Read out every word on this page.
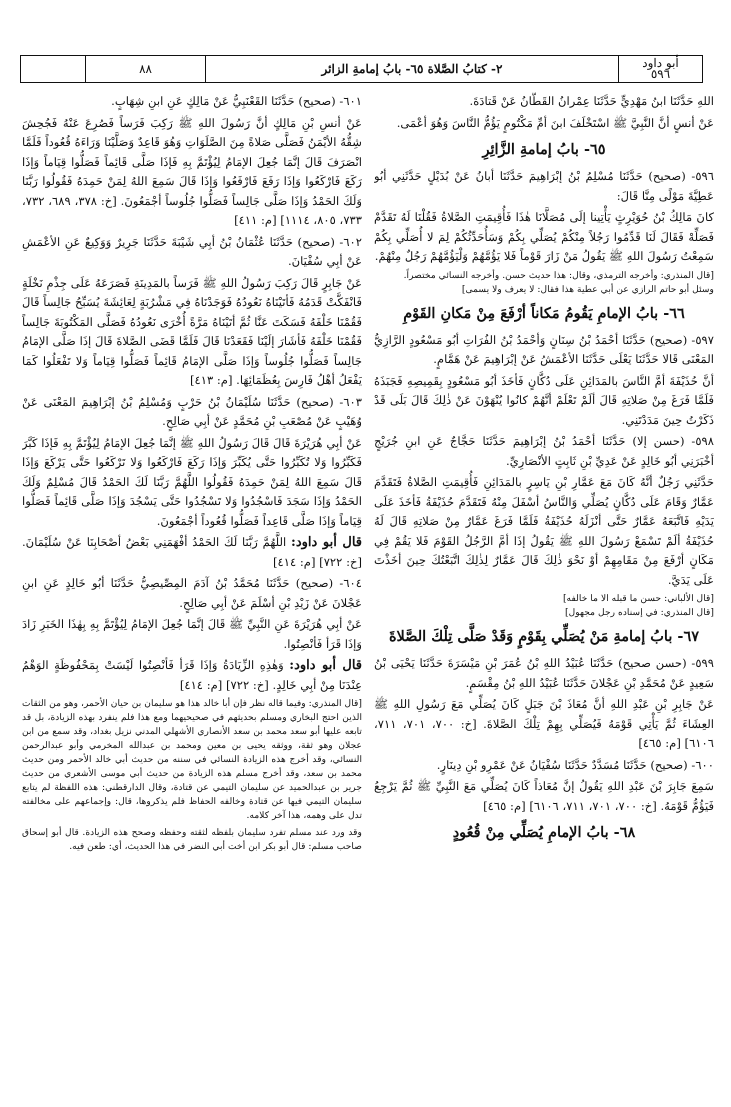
أبو داود
٥٩٦
٢- كتابُ الصَّلاة ٦٥- بابُ إمامةِ الزائر
٨٨

اللهِ حَدَّثَنَا ابنُ مَهْدِيٍّ حَدَّثَنَا عِمْرانُ القَطَّانُ عَنْ قَتادَةَ.

عَنْ أنسٍ أنَّ النَّبِيَّ ﷺ اسْتَخْلَفَ ابنَ أمِّ مَكْتُومٍ يَؤُمُّ النَّاسَ وَهُوَ أعْمَى.

٦٥- بابُ إمامةِ الزَّائِرِ

٥٩٦- (صحيح) حَدَّثَنَا مُسْلِمُ بْنُ إبْرَاهِيمَ حَدَّثَنَا أبانُ عَنْ بُدَيْلٍ حَدَّثَنِي أبُو عَطِيَّةَ مَوْلًى مِنَّا قَالَ:

كانَ مَالِكُ بْنُ حُوَيْرِثٍ يَأْتِينا إلَى مُصَلَّانَا هٰذَا فَأُقِيمَتِ الصَّلاةُ فَقُلْنَا لَهُ تَقَدَّمْ فَصَلِّهْ فَقَالَ لَنَا قَدِّمُوا رَجُلاً مِنْكُمْ يُصَلِّي بِكُمْ وَسَأُحَدِّثُكُمْ لِمَ لا أُصَلِّي بِكُمْ سَمِعْتُ رَسُولَ اللهِ ﷺ يَقُولُ مَنْ زَارَ قَوْماً فَلا يَؤُمَّهُمْ وَلْيَؤُمَّهُمْ رَجُلٌ مِنْهُمْ.

[قال المنذري: وأخرجه الترمذي، وقال: هذا حديث حسن. وأخرجه النسائي مختصراً.
وسئل أبو حاتم الرازي عن أبي عطية هذا فقال: لا يعرف ولا يسمى]
٦٦- بابُ الإمامِ يَقُومُ مَكاناً أرْفَعَ مِنْ مَكانِ القَوْمِ

٥٩٧- (صحيح) حَدَّثَنَا أحْمَدُ بْنُ سِنَانٍ وَأحْمَدُ بْنُ الفُرَاتِ أبُو مَسْعُودٍ الرَّازِيُّ المَعْنَى قَالا حَدَّثَنَا يَعْلَى حَدَّثَنَا الأعْمَشُ عَنْ إبْرَاهِيمَ عَنْ هَمَّامٍ.

أنَّ حُذَيْفَةَ أمَّ النَّاسَ بالمَدَائِنِ عَلَى دُكَّانٍ فَأخَذَ أبُو مَسْعُودٍ بِقَمِيصِهِ فَجَبَذَهُ فَلَمَّا فَرَغَ مِنْ صَلاتِهِ قَالَ ألَمْ تَعْلَمْ أنَّهُمْ كانُوا يُنْهَوْنَ عَنْ ذٰلِكَ قَالَ بَلَى قَدْ ذَكَرْتُ حِينَ مَدَدْتَنِي.

٥٩٨- (حسن إلا) حَدَّثَنَا أحْمَدُ بْنُ إبْرَاهِيمَ حَدَّثَنَا حَجَّاجٌ عَنِ ابنِ جُرَيْجٍ أخْبَرَنِي أبُو خَالِدٍ عَنْ عَدِيِّ بْنِ ثَابِتٍ الأنْصَارِيِّ.

حَدَّثَنِي رَجُلٌ أنَّهُ كَانَ مَعَ عَمَّارِ بْنِ يَاسِرٍ بالمَدَائِنِ فَأُقِيمَتِ الصَّلاةُ فَتَقَدَّمَ عَمَّارٌ وَقَامَ عَلَى دُكَّانٍ يُصَلِّي وَالنَّاسُ أسْفَلَ مِنْهُ فَتَقَدَّمَ حُذَيْفَةُ فَأخَذَ عَلَى يَدَيْهِ فَاتَّبَعَهُ عَمَّارٌ حَتَّى أنْزَلَهُ حُذَيْفَةُ فَلَمَّا فَرَغَ عَمَّارٌ مِنْ صَلاتِهِ قَالَ لَهُ حُذَيْفَةُ ألَمْ تَسْمَعْ رَسُولَ اللهِ ﷺ يَقُولُ إذَا أمَّ الرَّجُلُ القَوْمَ فَلا يَقُمْ فِي مَكَانٍ أرْفَعَ مِنْ مَقَامِهِمْ أوْ نَحْوَ ذٰلِكَ قَالَ عَمَّارٌ لِذٰلِكَ اتَّبَعْتُكَ حِينَ أخَذْتَ عَلَى يَدَيَّ.

[قال الألباني: حسن ما قبله الا ما خالفه]
[قال المنذري: في إسناده رجل مجهول]
٦٧- بابُ إمامةِ مَنْ يُصَلِّي بِقَوْمٍ وَقَدْ صَلَّى تِلْكَ الصَّلاةَ

٥٩٩- (حسن صحيح) حَدَّثَنَا عُبَيْدُ اللهِ بْنُ عُمَرَ بْنِ مَيْسَرَةَ حَدَّثَنَا يَحْيَى بْنُ سَعِيدٍ عَنْ مُحَمَّدِ بْنِ عَجْلانَ حَدَّثَنَا عُبَيْدُ اللهِ بْنُ مِقْسَمٍ.

عَنْ جَابِرِ بْنِ عَبْدِ اللهِ أنَّ مُعَاذَ بْنَ جَبَلٍ كَانَ يُصَلِّي مَعَ رَسُولِ اللهِ ﷺ العِشَاءَ ثُمَّ يَأْتِي قَوْمَهُ فَيُصَلِّي بِهِمْ تِلْكَ الصَّلاةَ. [خ: ٧٠٠، ٧٠١، ٧١١، ٦١٠٦] [م: ٤٦٥]

٦٠٠- (صحيح) حَدَّثَنَا مُسَدَّدٌ حَدَّثَنَا سُفْيَانُ عَنْ عَمْرِو بْنِ دِينَارٍ.

سَمِعَ جَابِرَ بْنَ عَبْدِ اللهِ يَقُولُ إنَّ مُعَاذاً كَانَ يُصَلِّي مَعَ النَّبِيِّ ﷺ ثُمَّ يَرْجِعُ فَيَؤُمُّ قَوْمَهُ. [خ: ٧٠٠، ٧٠١، ٧١١، ٦١٠٦] [م: ٤٦٥]

٦٨- بابُ الإمامِ يُصَلِّي مِنْ قُعُودٍ

٦٠١- (صحيح) حَدَّثَنَا القَعْنَبِيُّ عَنْ مَالِكٍ عَنِ ابنِ شِهَابٍ.

عَنْ أنسِ بْنِ مَالِكٍ أنَّ رَسُولَ اللهِ ﷺ رَكِبَ فَرَساً فَصُرِعَ عَنْهُ فَجُحِشَ شِقُّهُ الأيْمَنُ فَصَلَّى صَلاةً مِنَ الصَّلَوَاتِ وَهُوَ قَاعِدٌ وَصَلَّيْنَا وَرَاءَهُ قُعُوداً فَلَمَّا انْصَرَفَ قَالَ إنَّمَا جُعِلَ الإمَامُ لِيُؤْتَمَّ بِهِ فَإذَا صَلَّى قَائِماً فَصَلُّوا قِيَاماً وَإذَا رَكَعَ فَارْكَعُوا وَإذَا رَفَعَ فَارْفَعُوا وَإذَا قَالَ سَمِعَ اللهُ لِمَنْ حَمِدَهُ فَقُولُوا رَبَّنَا وَلَكَ الحَمْدُ وَإذَا صَلَّى جَالِساً فَصَلُّوا جُلُوساً أجْمَعُونَ. [خ: ٣٧٨، ٦٨٩، ٧٣٢، ٧٣٣، ٨٠٥، ١١١٤] [م: ٤١١]

٦٠٢- (صحيح) حَدَّثَنَا عُثْمَانُ بْنُ أبِي شَيْبَةَ حَدَّثَنَا جَرِيرٌ وَوَكِيعٌ عَنِ الأعْمَشِ عَنْ أبِي سُفْيَانَ.

عَنْ جَابِرٍ قَالَ رَكِبَ رَسُولُ اللهِ ﷺ فَرَساً بالمَدِينَةِ فَصَرَعَهُ عَلَى جِذْمِ نَخْلَةٍ فَانْفَكَّتْ قَدَمُهُ فَأتَيْنَاهُ نَعُودُهُ فَوَجَدْنَاهُ فِي مَشْرُبَةٍ لِعَائِشَةَ يُسَبِّحُ جَالِساً قَالَ فَقُمْنَا خَلْفَهُ فَسَكَتَ عَنَّا ثُمَّ أتَيْنَاهُ مَرَّةً أُخْرَى نَعُودُهُ فَصَلَّى المَكْتُوبَةَ جَالِساً فَقُمْنَا خَلْفَهُ فَأشَارَ إلَيْنَا فَقَعَدْنَا قَالَ فَلَمَّا قَضَى الصَّلاةَ قَالَ إذَا صَلَّى الإمَامُ جَالِساً فَصَلُّوا جُلُوساً وَإذَا صَلَّى الإمَامُ قَائِماً فَصَلُّوا قِيَاماً وَلا تَفْعَلُوا كَمَا يَفْعَلُ أهْلُ فَارِسَ بِعُظَمَائِهَا. [م: ٤١٣]

٦٠٣- (صحيح) حَدَّثَنَا سُلَيْمَانُ بْنُ حَرْبٍ وَمُسْلِمُ بْنُ إبْرَاهِيمَ المَعْنَى عَنْ وُهَيْبٍ عَنْ مُصْعَبِ بْنِ مُحَمَّدٍ عَنْ أبِي صَالِحٍ.

عَنْ أبِي هُرَيْرَةَ قَالَ قَالَ رَسُولُ اللهِ ﷺ إنَّمَا جُعِلَ الإمَامُ لِيُؤْتَمَّ بِهِ فَإذَا كَبَّرَ فَكَبِّرُوا وَلا تُكَبِّرُوا حَتَّى يُكَبِّرَ وَإذَا رَكَعَ فَارْكَعُوا وَلا تَرْكَعُوا حَتَّى يَرْكَعَ وَإذَا قَالَ سَمِعَ اللهُ لِمَنْ حَمِدَهُ فَقُولُوا اللَّهُمَّ رَبَّنَا لَكَ الحَمْدُ قَالَ مُسْلِمٌ وَلَكَ الحَمْدُ وَإذَا سَجَدَ فَاسْجُدُوا وَلا تَسْجُدُوا حَتَّى يَسْجُدَ وَإذَا صَلَّى قَائِماً فَصَلُّوا قِيَاماً وَإذَا صَلَّى قَاعِداً فَصَلُّوا قُعُوداً أجْمَعُونَ.

قال أبو داود: اللَّهُمَّ رَبَّنَا لَكَ الحَمْدُ أفْهَمَنِي بَعْضُ أصْحَابِنَا عَنْ سُلَيْمَانَ. [خ: ٧٢٢] [م: ٤١٤]

٦٠٤- (صحيح) حَدَّثَنَا مُحَمَّدُ بْنُ آدَمَ المِصِّيصِيُّ حَدَّثَنَا أبُو خَالِدٍ عَنِ ابنِ عَجْلانَ عَنْ زَيْدِ بْنِ أسْلَمَ عَنْ أبِي صَالِحٍ.

عَنْ أبِي هُرَيْرَةَ عَنِ النَّبِيِّ ﷺ قَالَ إنَّمَا جُعِلَ الإمَامُ لِيُؤْتَمَّ بِهِ بِهٰذَا الخَبَرِ زَادَ وَإذَا قَرَأ فَأنْصِتُوا.

قال أبو داود: وَهٰذِهِ الزِّيَادَةُ وَإذَا قَرَأ فَأنْصِتُوا لَيْسَتْ بِمَحْفُوظَةٍ الوَهْمُ عِنْدَنَا مِنْ أبِي خَالِدٍ. [خ: ٧٢٢] [م: ٤١٤]

[قال المنذري: وفيما قاله نظر فإن أبا خالد هذا هو سليمان بن حيان الأحمر، وهو من الثقات الذين احتج البخاري ومسلم بحديثهم في صحيحيهما ومع هذا فلم ينفرد بهذه الزيادة، بل قد تابعه عليها أبو سعد محمد بن سعد الأنصاري الأشهلي المدني نزيل بغداد، وقد سمع من ابن عجلان وهو ثقة، ووثقه يحيى بن معين ومحمد بن عبدالله المخرمي وأبو عبدالرحمن النسائي، وقد أخرج هذه الزيادة النسائي في سننه من حديث أبي خالد الأحمر ومن حديث محمد بن سعد، وقد أخرج مسلم هذه الزيادة من حديث أبي موسى الأشعري من حديث جرير بن عبدالحميد عن سليمان التيمي عن قتادة، وقال الدارقطني: هذه اللفظة لم يتابع سليمان التيمي فيها عن قتادة وخالفه الحفاظ فلم يذكروها، قال: وإجماعهم على مخالفته تدل على وهمه، هذا آخر كلامه.
وقد ورد عند مسلم تفرد سليمان بلفظه لثقته وحفظه وصحح هذه الزيادة. قال أبو إسحاق صاحب مسلم: قال أبو بكر ابن أخت أبي النضر في هذا الحديث، أي: طعن فيه.
